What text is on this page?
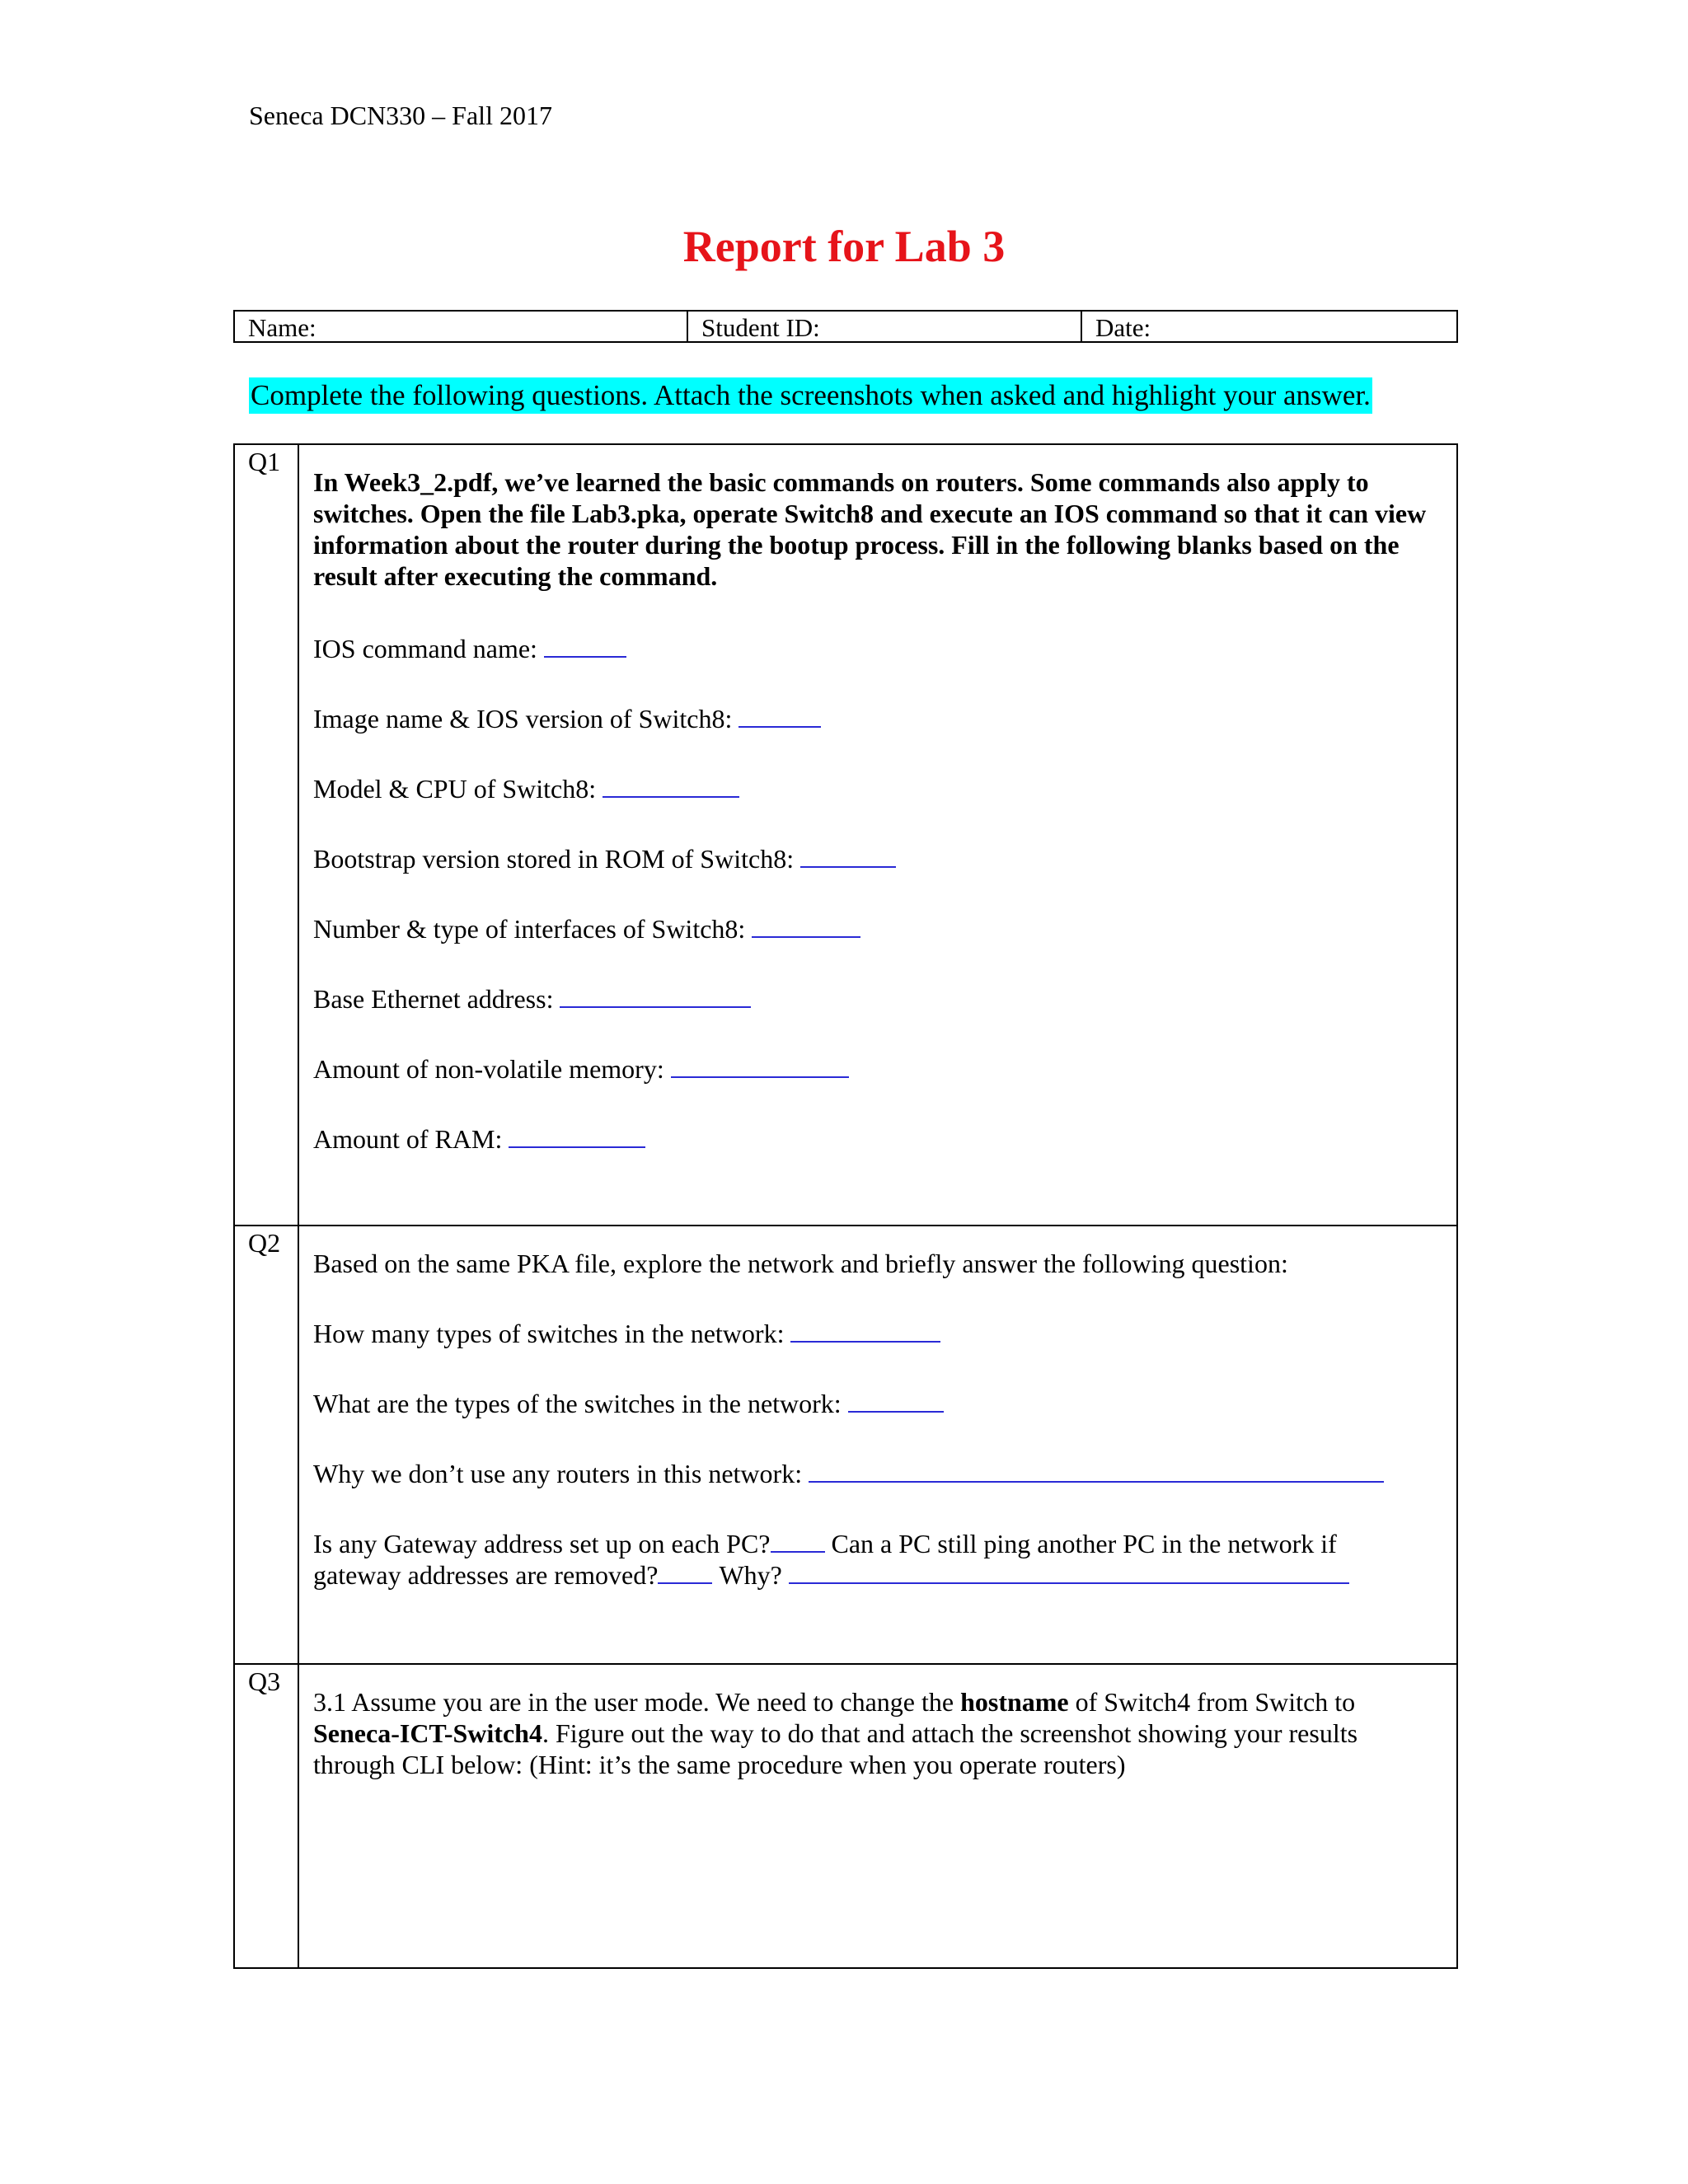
Seneca DCN330 – Fall 2017
Report for Lab 3
Name:	Student ID:	Date:
Complete the following questions. Attach the screenshots when asked and highlight your answer.
Q1

In Week3_2.pdf, we’ve learned the basic commands on routers. Some commands also apply to switches. Open the file Lab3.pka, operate Switch8 and execute an IOS command so that it can view information about the router during the bootup process. Fill in the following blanks based on the result after executing the command.

IOS command name:
Image name & IOS version of Switch8:
Model & CPU of Switch8:
Bootstrap version stored in ROM of Switch8:
Number & type of interfaces of Switch8:
Base Ethernet address:
Amount of non-volatile memory:
Amount of RAM:
Q2
Based on the same PKA file, explore the network and briefly answer the following question:
How many types of switches in the network:
What are the types of the switches in the network:
Why we don’t use any routers in this network:
Is any Gateway address set up on each PC? Can a PC still ping another PC in the network if
gateway addresses are removed? Why?
Q3

3.1 Assume you are in the user mode. We need to change the hostname of Switch4 from Switch to
Seneca-ICT-Switch4. Figure out the way to do that and attach the screenshot showing your results through CLI below: (Hint: it’s the same procedure when you operate routers)
